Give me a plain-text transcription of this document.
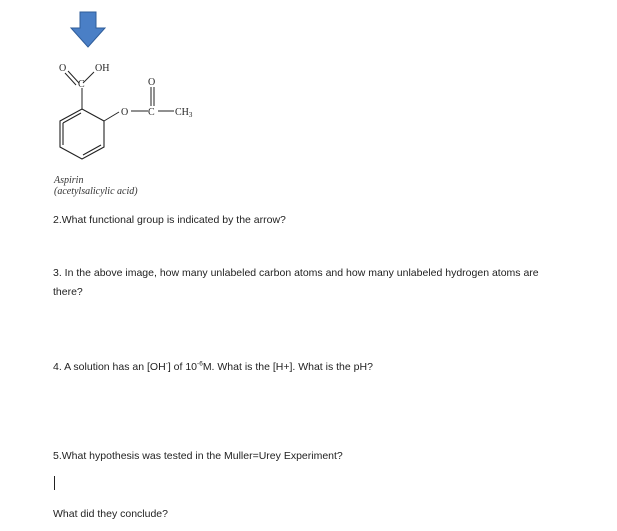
O	OH
C
O C
O
$CH_3$
Aspirin
(acetylsalicylic acid)
2.What functional group is indicated by the arrow?
3. In the above image, how many unlabeled carbon atoms and how many unlabeled hydrogen atoms are
there?
4. A solution has an [OH-] of $10^{-6}M$. What is the [H+]. What is the pH?
5.What hypothesis was tested in the Muller=Urey Experiment?
What did they conclude?
